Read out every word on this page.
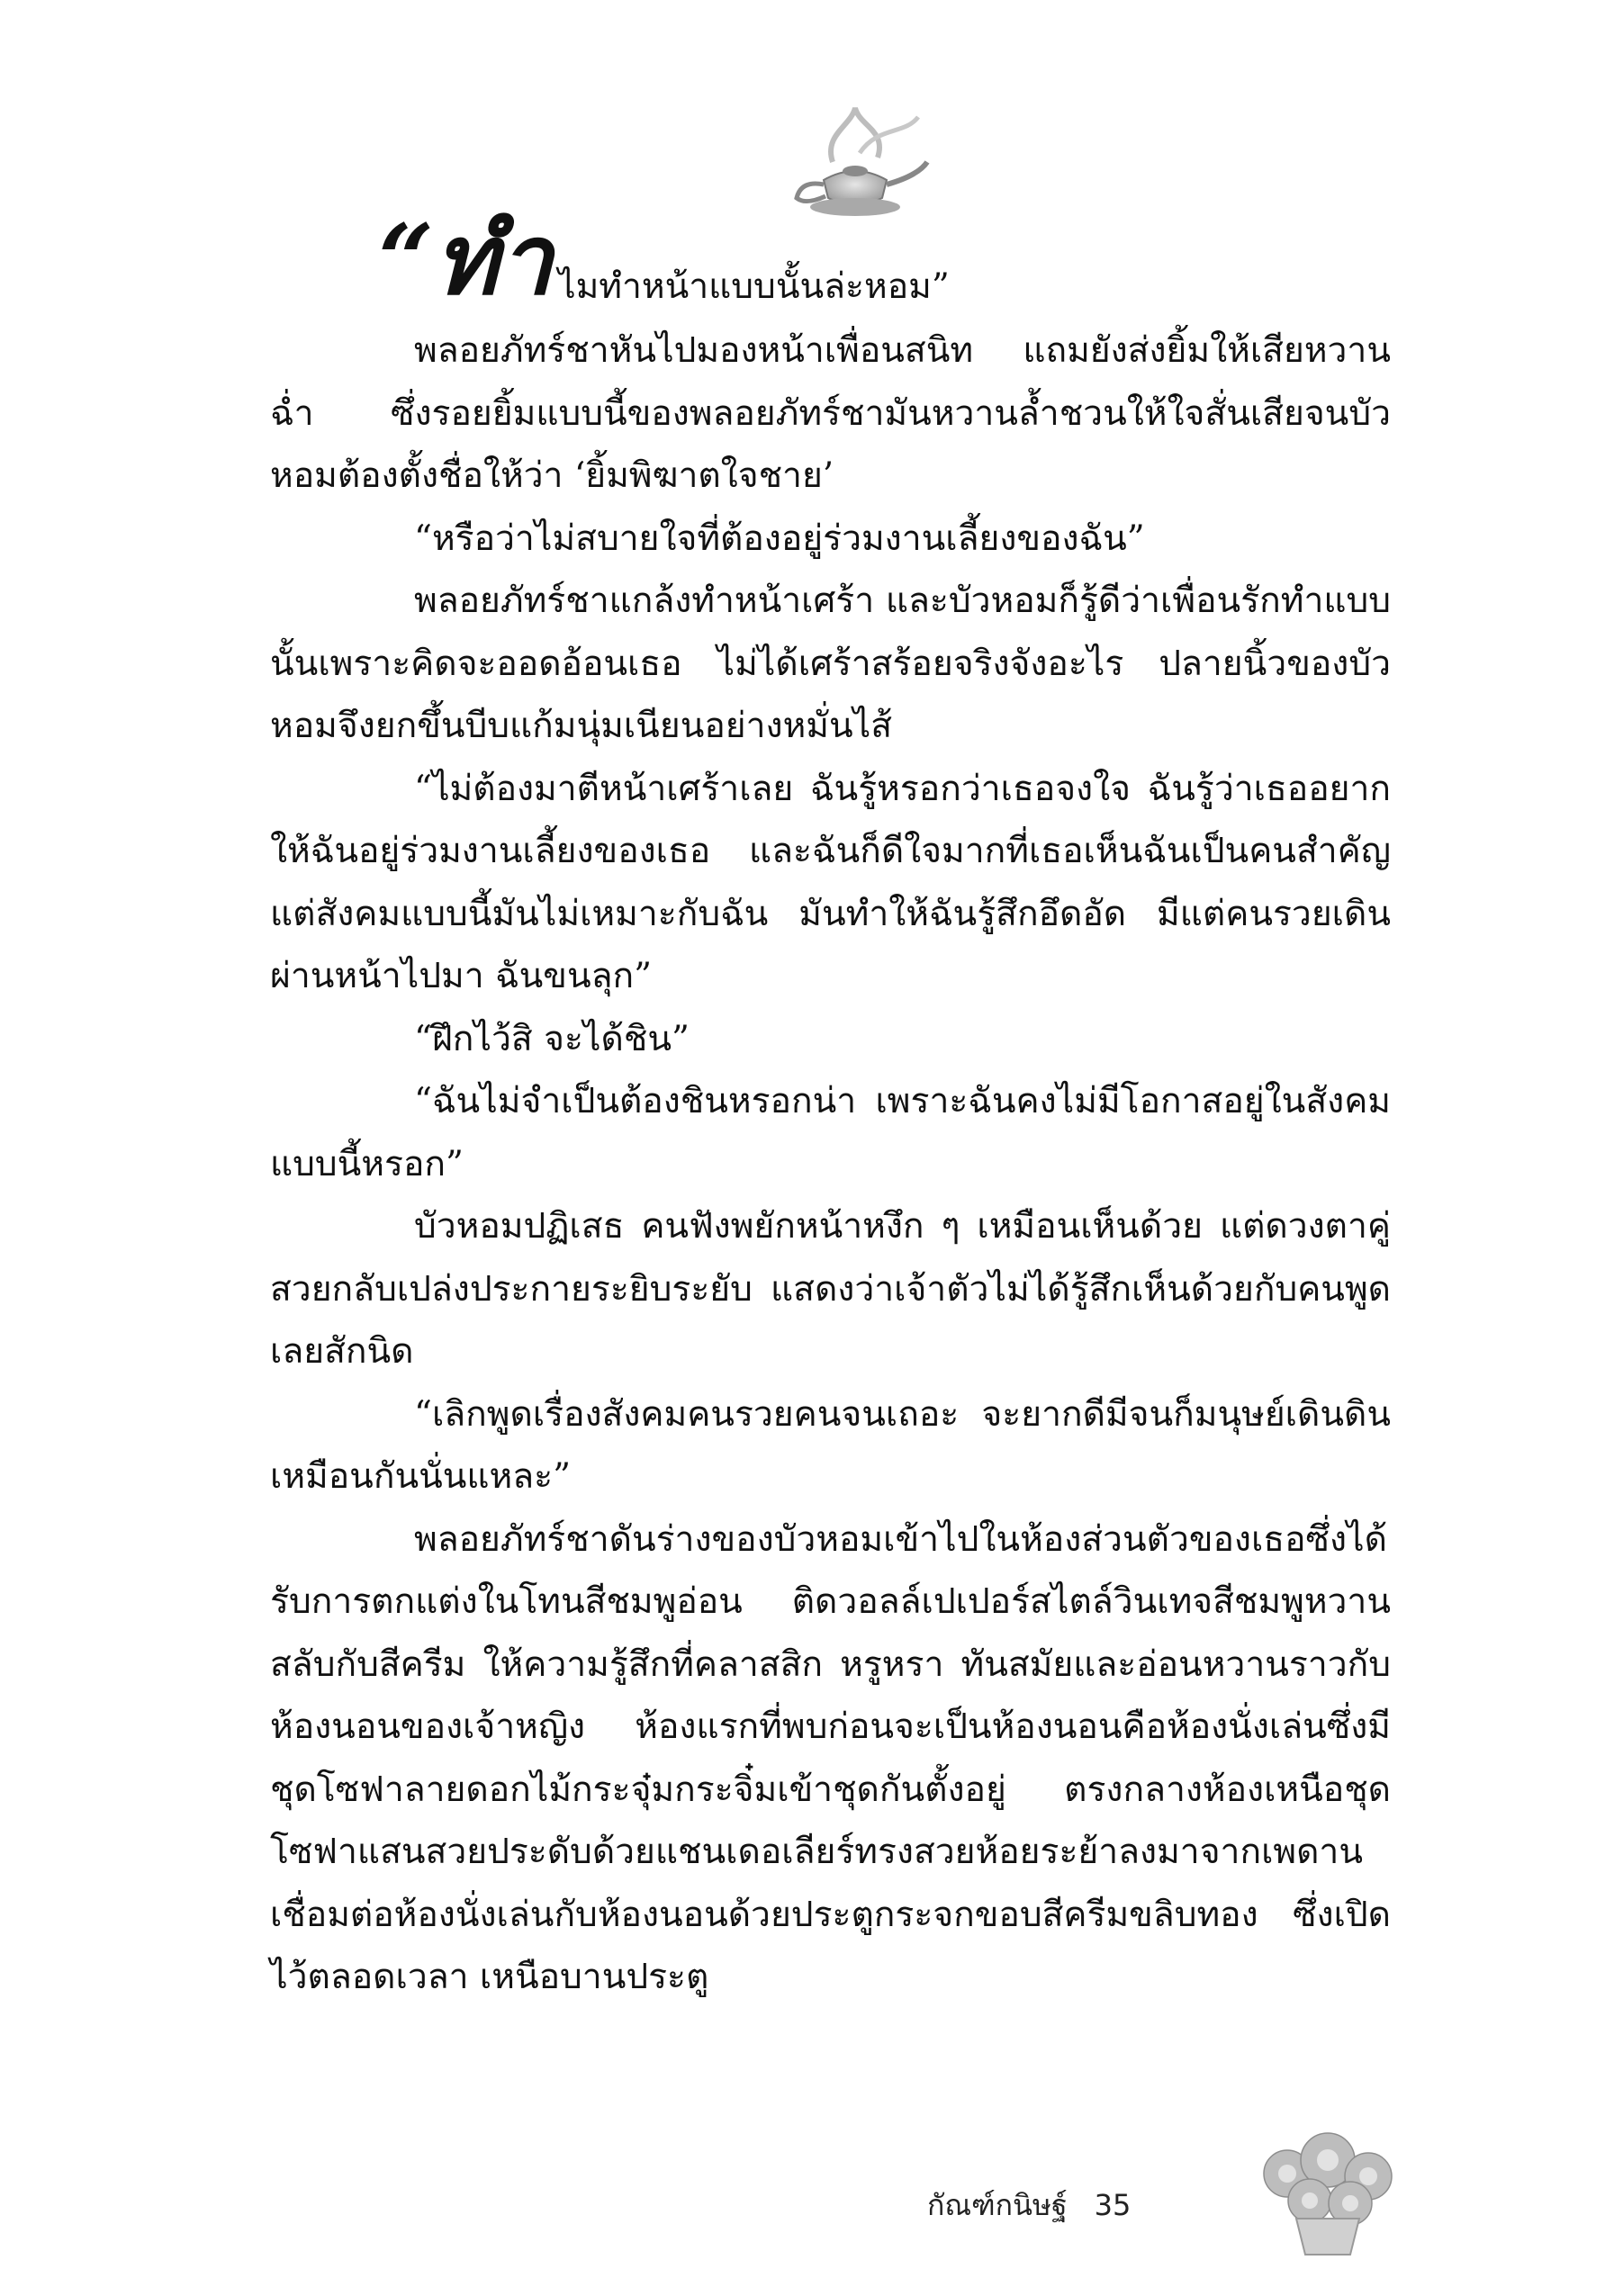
“ทำ ไมทำหน้าแบบนั้นล่ะหอม”

พลอยภัทร์ชาหันไปมองหน้าเพื่อนสนิท แถมยังส่งยิ้มให้เสียหวานฉ่ำ ซึ่งรอยยิ้มแบบนี้ของพลอยภัทร์ชามันหวานล้ำชวนให้ใจสั่นเสียจนบัวหอมต้องตั้งชื่อให้ว่า ‘ยิ้มพิฆาตใจชาย’

“หรือว่าไม่สบายใจที่ต้องอยู่ร่วมงานเลี้ยงของฉัน”

พลอยภัทร์ชาแกล้งทำหน้าเศร้า และบัวหอมก็รู้ดีว่าเพื่อนรักทำแบบนั้นเพราะคิดจะออดอ้อนเธอ ไม่ได้เศร้าสร้อยจริงจังอะไร ปลายนิ้วของบัวหอมจึงยกขึ้นบีบแก้มนุ่มเนียนอย่างหมั่นไส้

“ไม่ต้องมาตีหน้าเศร้าเลย ฉันรู้หรอกว่าเธอจงใจ ฉันรู้ว่าเธออยากให้ฉันอยู่ร่วมงานเลี้ยงของเธอ และฉันก็ดีใจมากที่เธอเห็นฉันเป็นคนสำคัญ แต่สังคมแบบนี้มันไม่เหมาะกับฉัน มันทำให้ฉันรู้สึกอึดอัด มีแต่คนรวยเดินผ่านหน้าไปมา ฉันขนลุก”

“ฝึกไว้สิ จะได้ชิน”

“ฉันไม่จำเป็นต้องชินหรอกน่า เพราะฉันคงไม่มีโอกาสอยู่ในสังคมแบบนี้หรอก”

บัวหอมปฏิเสธ คนฟังพยักหน้าหงึก ๆ เหมือนเห็นด้วย แต่ดวงตาคู่สวยกลับเปล่งประกายระยิบระยับ แสดงว่าเจ้าตัวไม่ได้รู้สึกเห็นด้วยกับคนพูดเลยสักนิด

“เลิกพูดเรื่องสังคมคนรวยคนจนเถอะ จะยากดีมีจนก็มนุษย์เดินดินเหมือนกันนั่นแหละ”

พลอยภัทร์ชาดันร่างของบัวหอมเข้าไปในห้องส่วนตัวของเธอซึ่งได้รับการตกแต่งในโทนสีชมพูอ่อน ติดวอลล์เปเปอร์สไตล์วินเทจสีชมพูหวานสลับกับสีครีม ให้ความรู้สึกที่คลาสสิก หรูหรา ทันสมัยและอ่อนหวานราวกับห้องนอนของเจ้าหญิง ห้องแรกที่พบก่อนจะเป็นห้องนอนคือห้องนั่งเล่นซึ่งมีชุดโซฟาลายดอกไม้กระจุ๋มกระจิ๋มเข้าชุดกันตั้งอยู่ ตรงกลางห้องเหนือชุดโซฟาแสนสวยประดับด้วยแชนเดอเลียร์ทรงสวยห้อยระย้าลงมาจากเพดาน เชื่อมต่อห้องนั่งเล่นกับห้องนอนด้วยประตูกระจกขอบสีครีมขลิบทอง ซึ่งเปิดไว้ตลอดเวลา เหนือบานประตู

กัณฑ์กนิษฐ์ 35
